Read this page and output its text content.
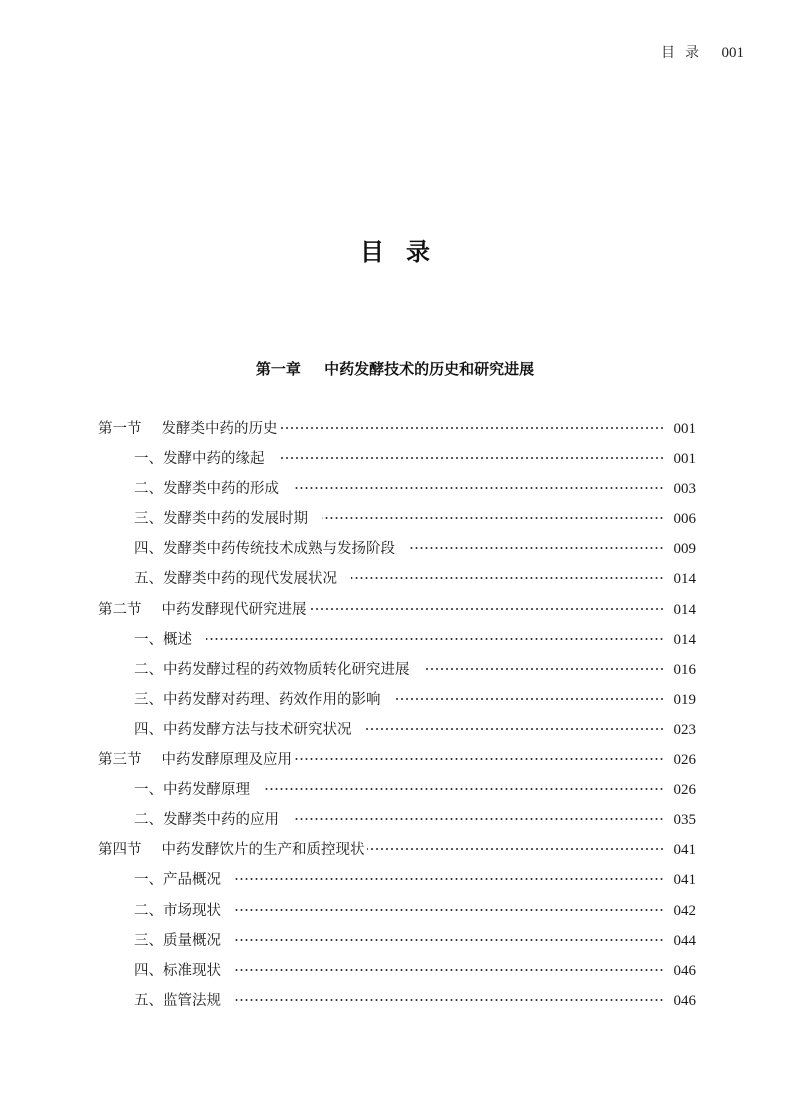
目录 001
目录
第一章 中药发酵技术的历史和研究进展
第一节 发酵类中药的历史	001
一、发酵中药的缘起	001
二、发酵类中药的形成	003
三、发酵类中药的发展时期	006
四、发酵类中药传统技术成熟与发扬阶段	009
五、发酵类中药的现代发展状况	014
第二节 中药发酵现代研究进展	014
一、概述	014
二、中药发酵过程的药效物质转化研究进展	016
三、中药发酵对药理、药效作用的影响	019
四、中药发酵方法与技术研究状况	023
第三节 中药发酵原理及应用	026
一、中药发酵原理	026
二、发酵类中药的应用	035
第四节 中药发酵饮片的生产和质控现状	041
一、产品概况	041
二、市场现状	042
三、质量概况	044
四、标准现状	046
五、监管法规	046
